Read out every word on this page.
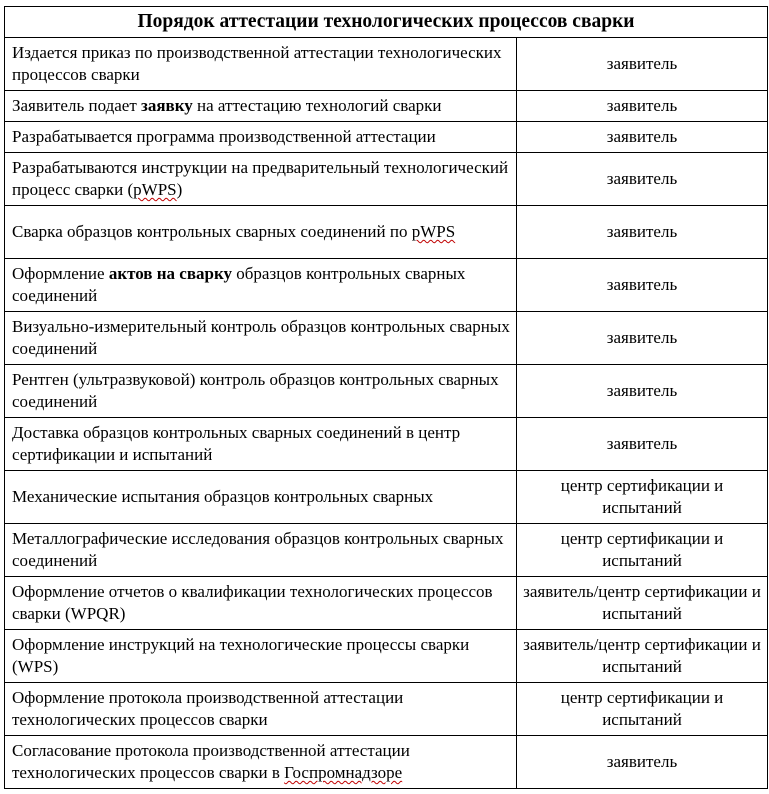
Порядок аттестации технологических процессов сварки	
Издается приказ по производственной аттестации технологических процессов сварки	заявитель
Заявитель подает заявку на аттестацию технологий сварки	заявитель
Разрабатывается программа производственной аттестации	заявитель
Разрабатываются инструкции на предварительный технологический процесс сварки (pWPS)	заявитель
Сварка образцов контрольных сварных соединений по pWPS	заявитель
Оформление актов на сварку образцов контрольных сварных соединений	заявитель
Визуально-измерительный контроль образцов контрольных сварных соединений	заявитель
Рентген (ультразвуковой) контроль образцов контрольных сварных соединений	заявитель
Доставка образцов контрольных сварных соединений в центр сертификации и испытаний	заявитель
Механические испытания образцов контрольных сварных	центр сертификации и испытаний
Металлографические исследования образцов контрольных сварных соединений	центр сертификации и испытаний
Оформление отчетов о квалификации технологических процессов сварки (WPQR)	заявитель/центр сертификации и испытаний
Оформление инструкций на технологические процессы сварки (WPS)	заявитель/центр сертификации и испытаний
Оформление протокола производственной аттестации технологических процессов сварки	центр сертификации и испытаний
Согласование протокола производственной аттестации технологических процессов сварки в Госпромнадзоре	заявитель
